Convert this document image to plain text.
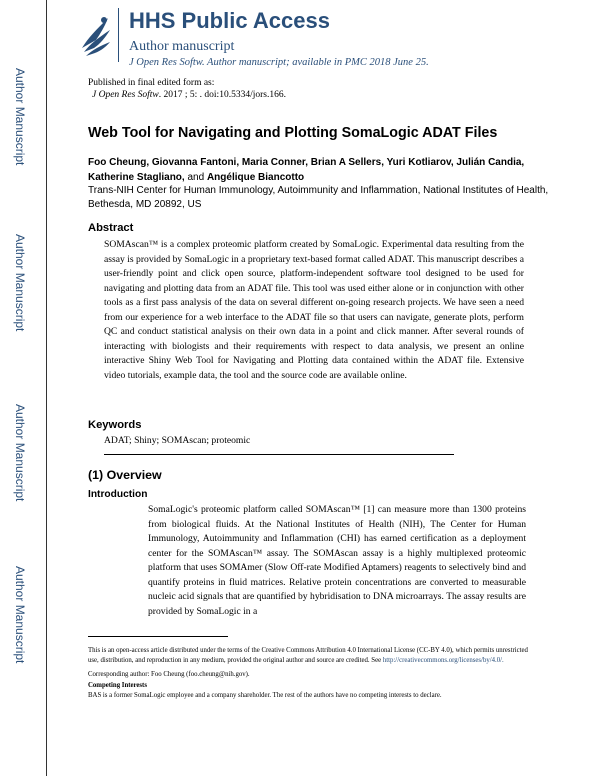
Author Manuscript
Author Manuscript
Author Manuscript
Author Manuscript
HHS Public Access
Author manuscript
J Open Res Softw. Author manuscript; available in PMC 2018 June 25.
Published in final edited form as:
J Open Res Softw. 2017 ; 5: . doi:10.5334/jors.166.
Web Tool for Navigating and Plotting SomaLogic ADAT Files
Foo Cheung, Giovanna Fantoni, Maria Conner, Brian A Sellers, Yuri Kotliarov, Julián Candia, Katherine Stagliano, and Angélique Biancotto
Trans-NIH Center for Human Immunology, Autoimmunity and Inflammation, National Institutes of Health, Bethesda, MD 20892, US
Abstract
SOMAscan™ is a complex proteomic platform created by SomaLogic. Experimental data resulting from the assay is provided by SomaLogic in a proprietary text-based format called ADAT. This manuscript describes a user-friendly point and click open source, platform-independent software tool designed to be used for navigating and plotting data from an ADAT file. This tool was used either alone or in conjunction with other tools as a first pass analysis of the data on several different on-going research projects. We have seen a need from our experience for a web interface to the ADAT file so that users can navigate, generate plots, perform QC and conduct statistical analysis on their own data in a point and click manner. After several rounds of interacting with biologists and their requirements with respect to data analysis, we present an online interactive Shiny Web Tool for Navigating and Plotting data contained within the ADAT file. Extensive video tutorials, example data, the tool and the source code are available online.
Keywords
ADAT; Shiny; SOMAscan; proteomic
(1) Overview
Introduction
SomaLogic's proteomic platform called SOMAscan™ [1] can measure more than 1300 proteins from biological fluids. At the National Institutes of Health (NIH), The Center for Human Immunology, Autoimmunity and Inflammation (CHI) has earned certification as a deployment center for the SOMAscan™ assay. The SOMAscan assay is a highly multiplexed proteomic platform that uses SOMAmer (Slow Off-rate Modified Aptamers) reagents to selectively bind and quantify proteins in fluid matrices. Relative protein concentrations are converted to measurable nucleic acid signals that are quantified by hybridisation to DNA microarrays. The assay results are provided by SomaLogic in a
This is an open-access article distributed under the terms of the Creative Commons Attribution 4.0 International License (CC-BY 4.0), which permits unrestricted use, distribution, and reproduction in any medium, provided the original author and source are credited. See http://creativecommons.org/licenses/by/4.0/.
Corresponding author: Foo Cheung (foo.cheung@nih.gov).
Competing Interests
BAS is a former SomaLogic employee and a company shareholder. The rest of the authors have no competing interests to declare.
